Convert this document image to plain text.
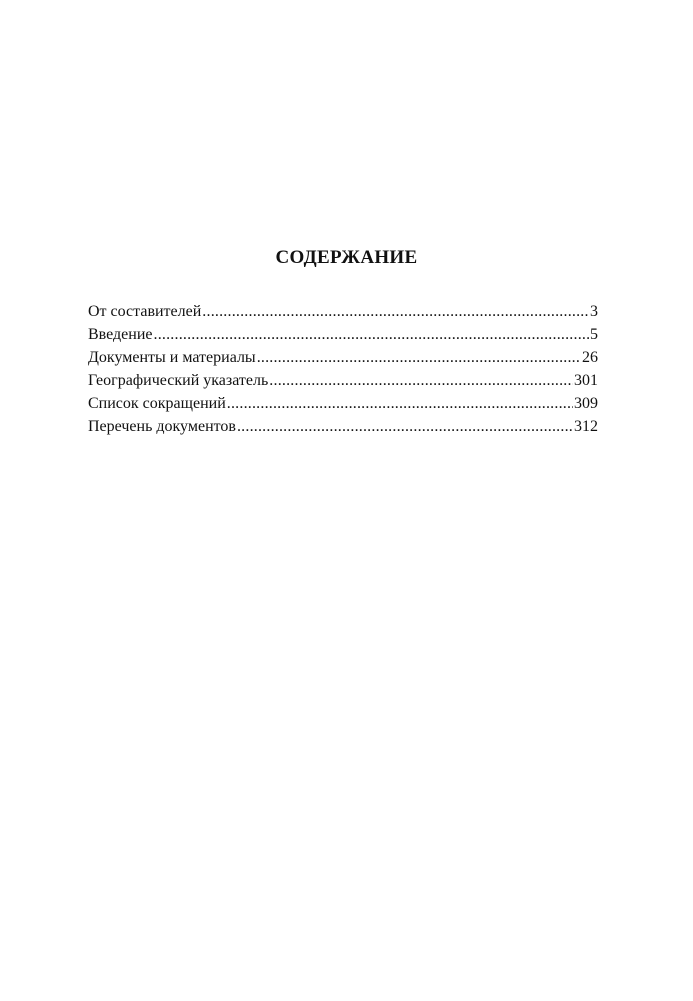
СОДЕРЖАНИЕ
От составителей .....	3
Введение .....	5
Документы и материалы .....	26
Географический указатель .....	301
Список сокращений .....	309
Перечень документов .....	312
